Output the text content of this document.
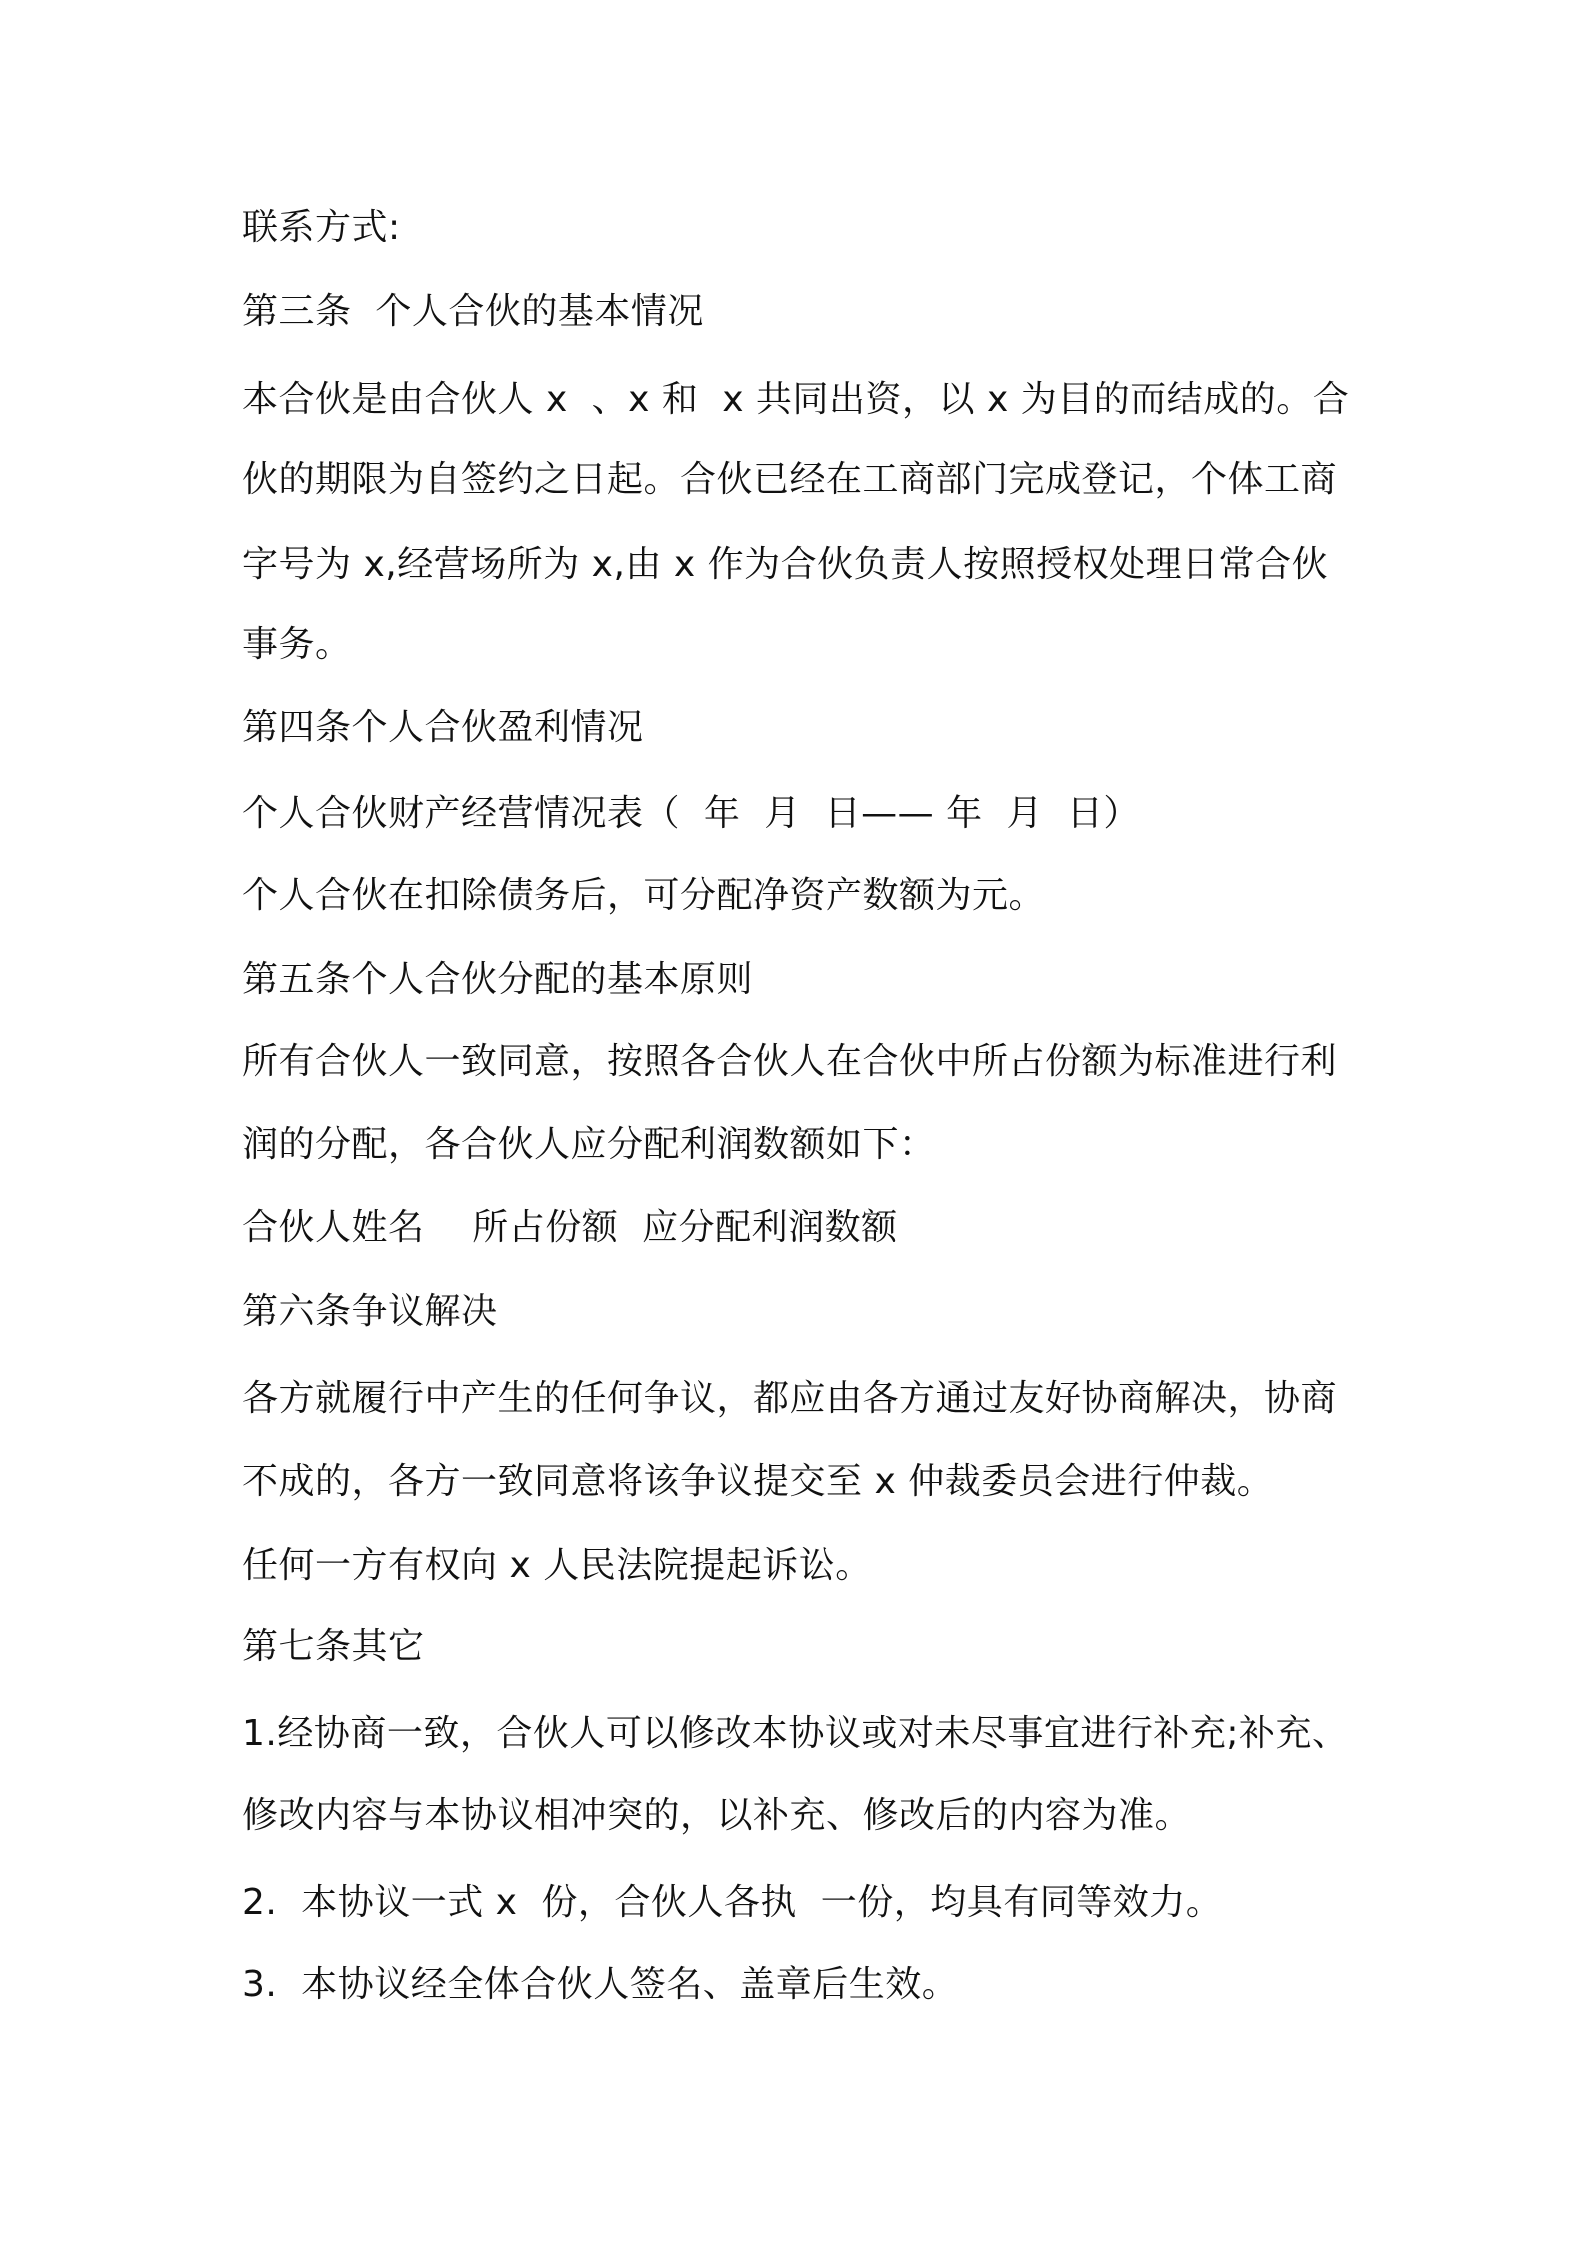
联系方式:

第三条  个人合伙的基本情况

本合伙是由合伙人 x  、x 和  x 共同出资，以 x 为目的而结成的。合

伙的期限为自签约之日起。合伙已经在工商部门完成登记，个体工商

字号为 x,经营场所为 x,由 x 作为合伙负责人按照授权处理日常合伙

事务。

第四条个人合伙盈利情况

个人合伙财产经营情况表（  年  月  日—— 年  月  日）

个人合伙在扣除债务后，可分配净资产数额为元。

第五条个人合伙分配的基本原则

所有合伙人一致同意，按照各合伙人在合伙中所占份额为标准进行利

润的分配，各合伙人应分配利润数额如下：

合伙人姓名    所占份额  应分配利润数额

第六条争议解决

各方就履行中产生的任何争议，都应由各方通过友好协商解决，协商

不成的，各方一致同意将该争议提交至 x 仲裁委员会进行仲裁。

任何一方有权向 x 人民法院提起诉讼。

第七条其它

1.经协商一致，合伙人可以修改本协议或对未尽事宜进行补充;补充、

修改内容与本协议相冲突的，以补充、修改后的内容为准。

2.  本协议一式 x  份，合伙人各执  一份，均具有同等效力。

3.  本协议经全体合伙人签名、盖章后生效。
